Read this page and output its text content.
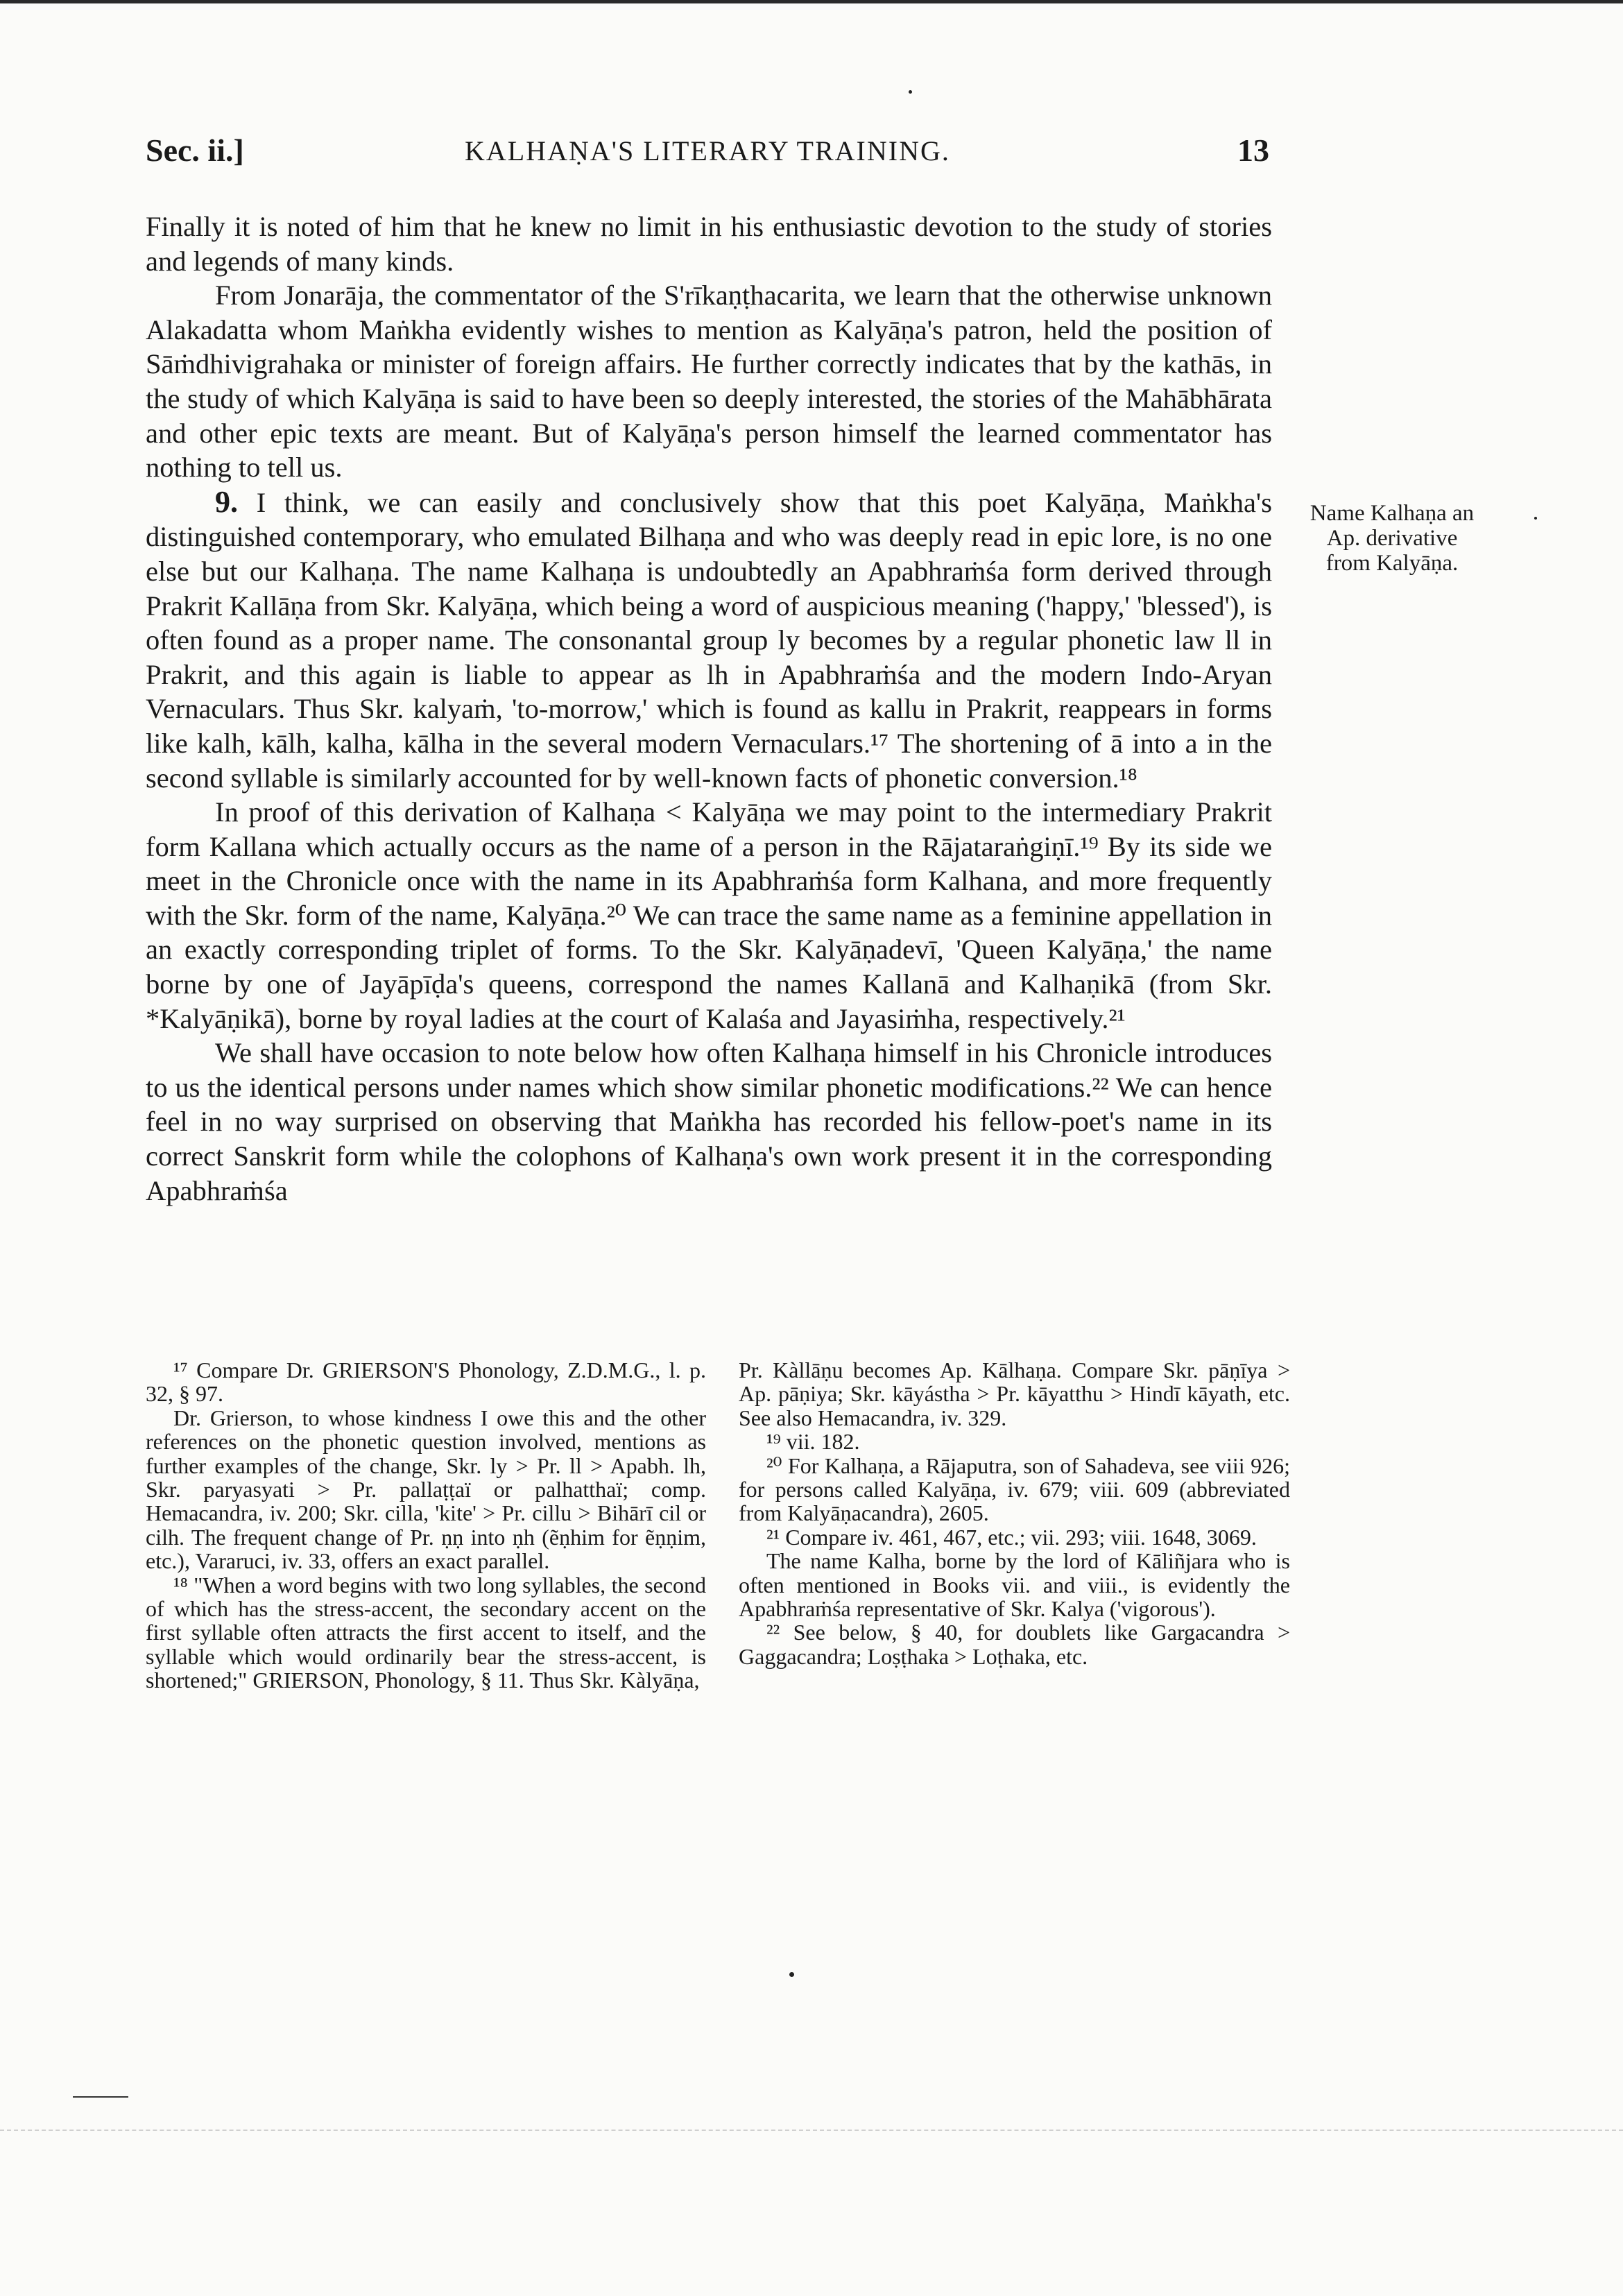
Sec. ii.]	KALHAṆA'S LITERARY TRAINING.	13

Finally it is noted of him that he knew no limit in his enthusiastic devotion to the study of stories and legends of many kinds.

From Jonarāja, the commentator of the S'rīkaṇṭhacarita, we learn that the otherwise unknown Alakadatta whom Maṅkha evidently wishes to mention as Kalyāṇa's patron, held the position of Sāṁdhivigrahaka or minister of foreign affairs. He further correctly indicates that by the kathās, in the study of which Kalyāṇa is said to have been so deeply interested, the stories of the Mahābhārata and other epic texts are meant. But of Kalyāṇa's person himself the learned commentator has nothing to tell us.

9. I think, we can easily and conclusively show that this poet Kalyāṇa, Maṅkha's distinguished contemporary, who emulated Bilhaṇa and who was deeply read in epic lore, is no one else but our Kalhaṇa. The name Kalhaṇa is undoubtedly an Apabhraṁśa form derived through Prakrit Kallāṇa from Skr. Kalyāṇa, which being a word of auspicious meaning ('happy,' 'blessed'), is often found as a proper name. The consonantal group ly becomes by a regular phonetic law ll in Prakrit, and this again is liable to appear as lh in Apabhraṁśa and the modern Indo-Aryan Vernaculars. Thus Skr. kalyaṁ, 'to-morrow,' which is found as kallu in Prakrit, reappears in forms like kalh, kālh, kalha, kālha in the several modern Vernaculars.¹⁷ The shortening of ā into a in the second syllable is similarly accounted for by well-known facts of phonetic conversion.¹⁸

In proof of this derivation of Kalhaṇa < Kalyāṇa we may point to the intermediary Prakrit form Kallana which actually occurs as the name of a person in the Rājataraṅgiṇī.¹⁹ By its side we meet in the Chronicle once with the name in its Apabhraṁśa form Kalhana, and more frequently with the Skr. form of the name, Kalyāṇa.²⁰ We can trace the same name as a feminine appellation in an exactly corresponding triplet of forms. To the Skr. Kalyāṇadevī, 'Queen Kalyāṇa,' the name borne by one of Jayāpīḍa's queens, correspond the names Kallanā and Kalhaṇikā (from Skr. *Kalyāṇikā), borne by royal ladies at the court of Kalaśa and Jayasiṁha, respectively.²¹

We shall have occasion to note below how often Kalhaṇa himself in his Chronicle introduces to us the identical persons under names which show similar phonetic modifications.²² We can hence feel in no way surprised on observing that Maṅkha has recorded his fellow-poet's name in its correct Sanskrit form while the colophons of Kalhaṇa's own work present it in the corresponding Apabhraṁśa

Name Kalhaṇa an
Ap. derivative
from Kalyāṇa.

¹⁷ Compare Dr. GRIERSON'S Phonology, Z.D.M.G., l. p. 32, § 97.

Dr. Grierson, to whose kindness I owe this and the other references on the phonetic question involved, mentions as further examples of the change, Skr. ly > Pr. ll > Apabh. lh, Skr. paryasyati > Pr. pallaṭṭaï or palhatthaï; comp. Hemacandra, iv. 200; Skr. cilla, 'kite' > Pr. cillu > Bihārī cil or cilh. The frequent change of Pr. ṇṇ into ṇh (ẽṇhim for ẽṇṇim, etc.), Vararuci, iv. 33, offers an exact parallel.

¹⁸ "When a word begins with two long syllables, the second of which has the stress-accent, the secondary accent on the first syllable often attracts the first accent to itself, and the syllable which would ordinarily bear the stress-accent, is shortened;" GRIERSON, Phonology, § 11. Thus Skr. Kàlyāṇa,

Pr. Kàllāṇu becomes Ap. Kālhaṇa. Compare Skr. pāṇīya > Ap. pāṇiya; Skr. kāyástha > Pr. kāyatthu > Hindī kāyath, etc. See also Hemacandra, iv. 329.

¹⁹ vii. 182.

²⁰ For Kalhaṇa, a Rājaputra, son of Sahadeva, see viii 926; for persons called Kalyāṇa, iv. 679; viii. 609 (abbreviated from Kalyāṇacandra), 2605.

²¹ Compare iv. 461, 467, etc.; vii. 293; viii. 1648, 3069.

The name Kalha, borne by the lord of Kāliñjara who is often mentioned in Books vii. and viii., is evidently the Apabhraṁśa representative of Skr. Kalya ('vigorous').

²² See below, § 40, for doublets like Gargacandra > Gaggacandra; Loṣṭhaka > Loṭhaka, etc.
